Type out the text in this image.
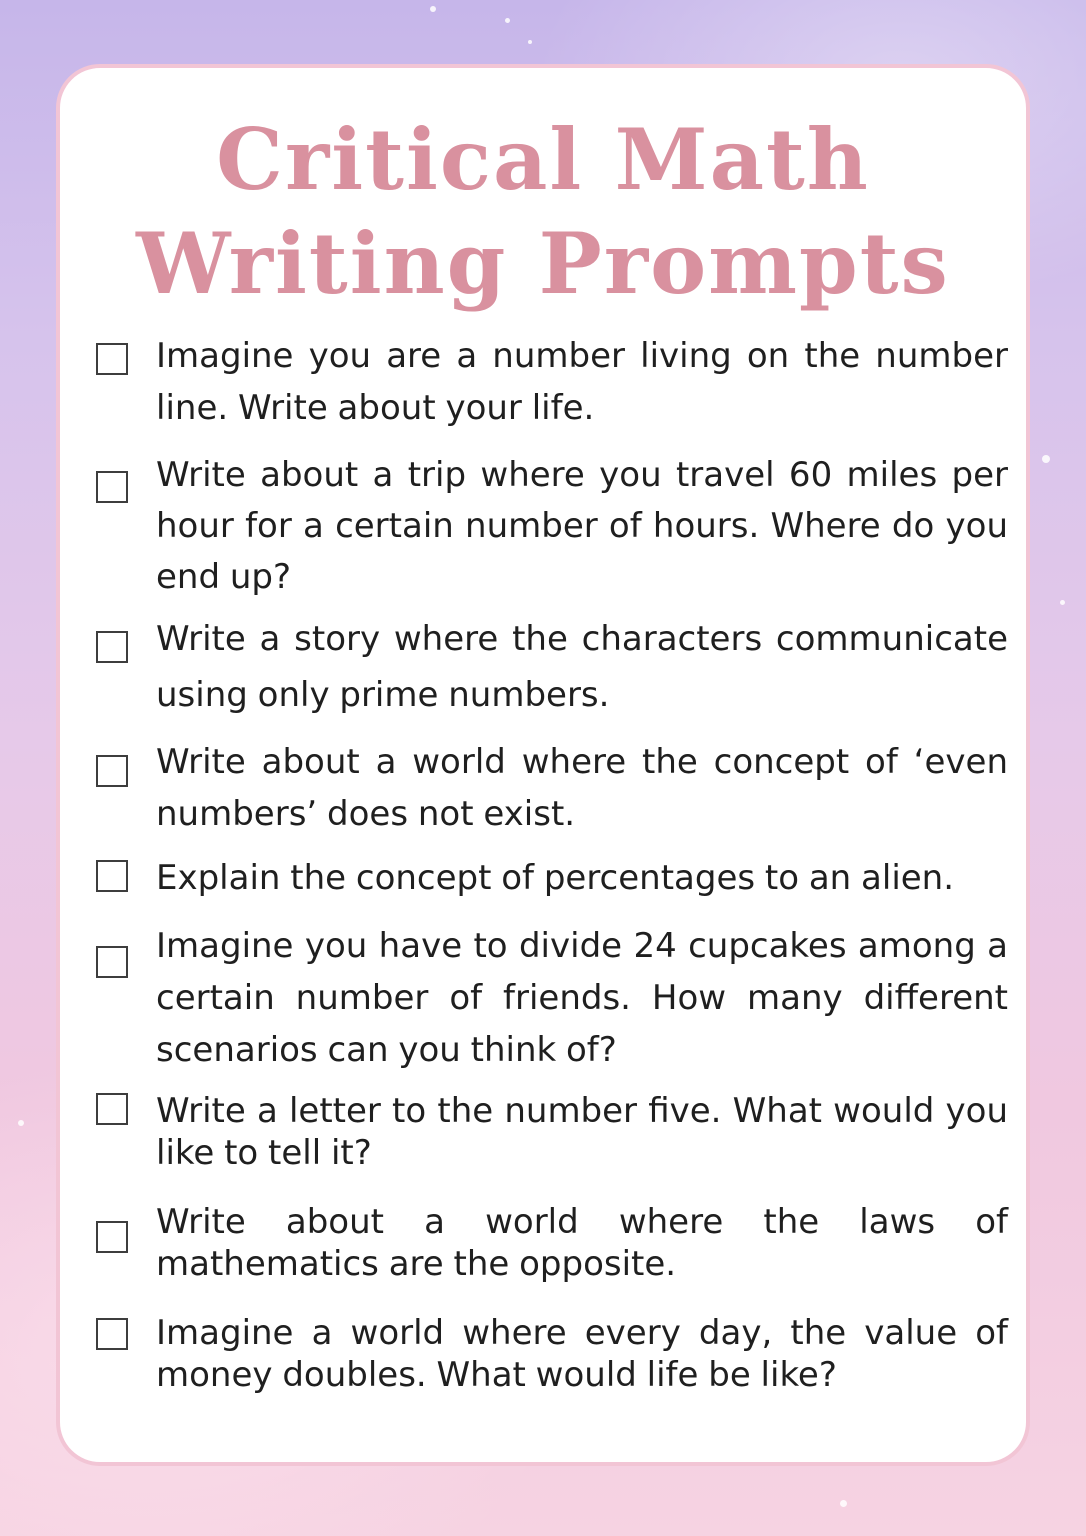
Critical Math Writing Prompts

Imagine you are a number living on the number line. Write about your life.

Write about a trip where you travel 60 miles per hour for a certain number of hours. Where do you end up?

Write a story where the characters communicate using only prime numbers.

Write about a world where the concept of ‘even numbers’ does not exist.

Explain the concept of percentages to an alien.

Imagine you have to divide 24 cupcakes among a certain number of friends. How many different scenarios can you think of?

Write a letter to the number five. What would you like to tell it?

Write about a world where the laws of mathematics are the opposite.

Imagine a world where every day, the value of money doubles. What would life be like?
